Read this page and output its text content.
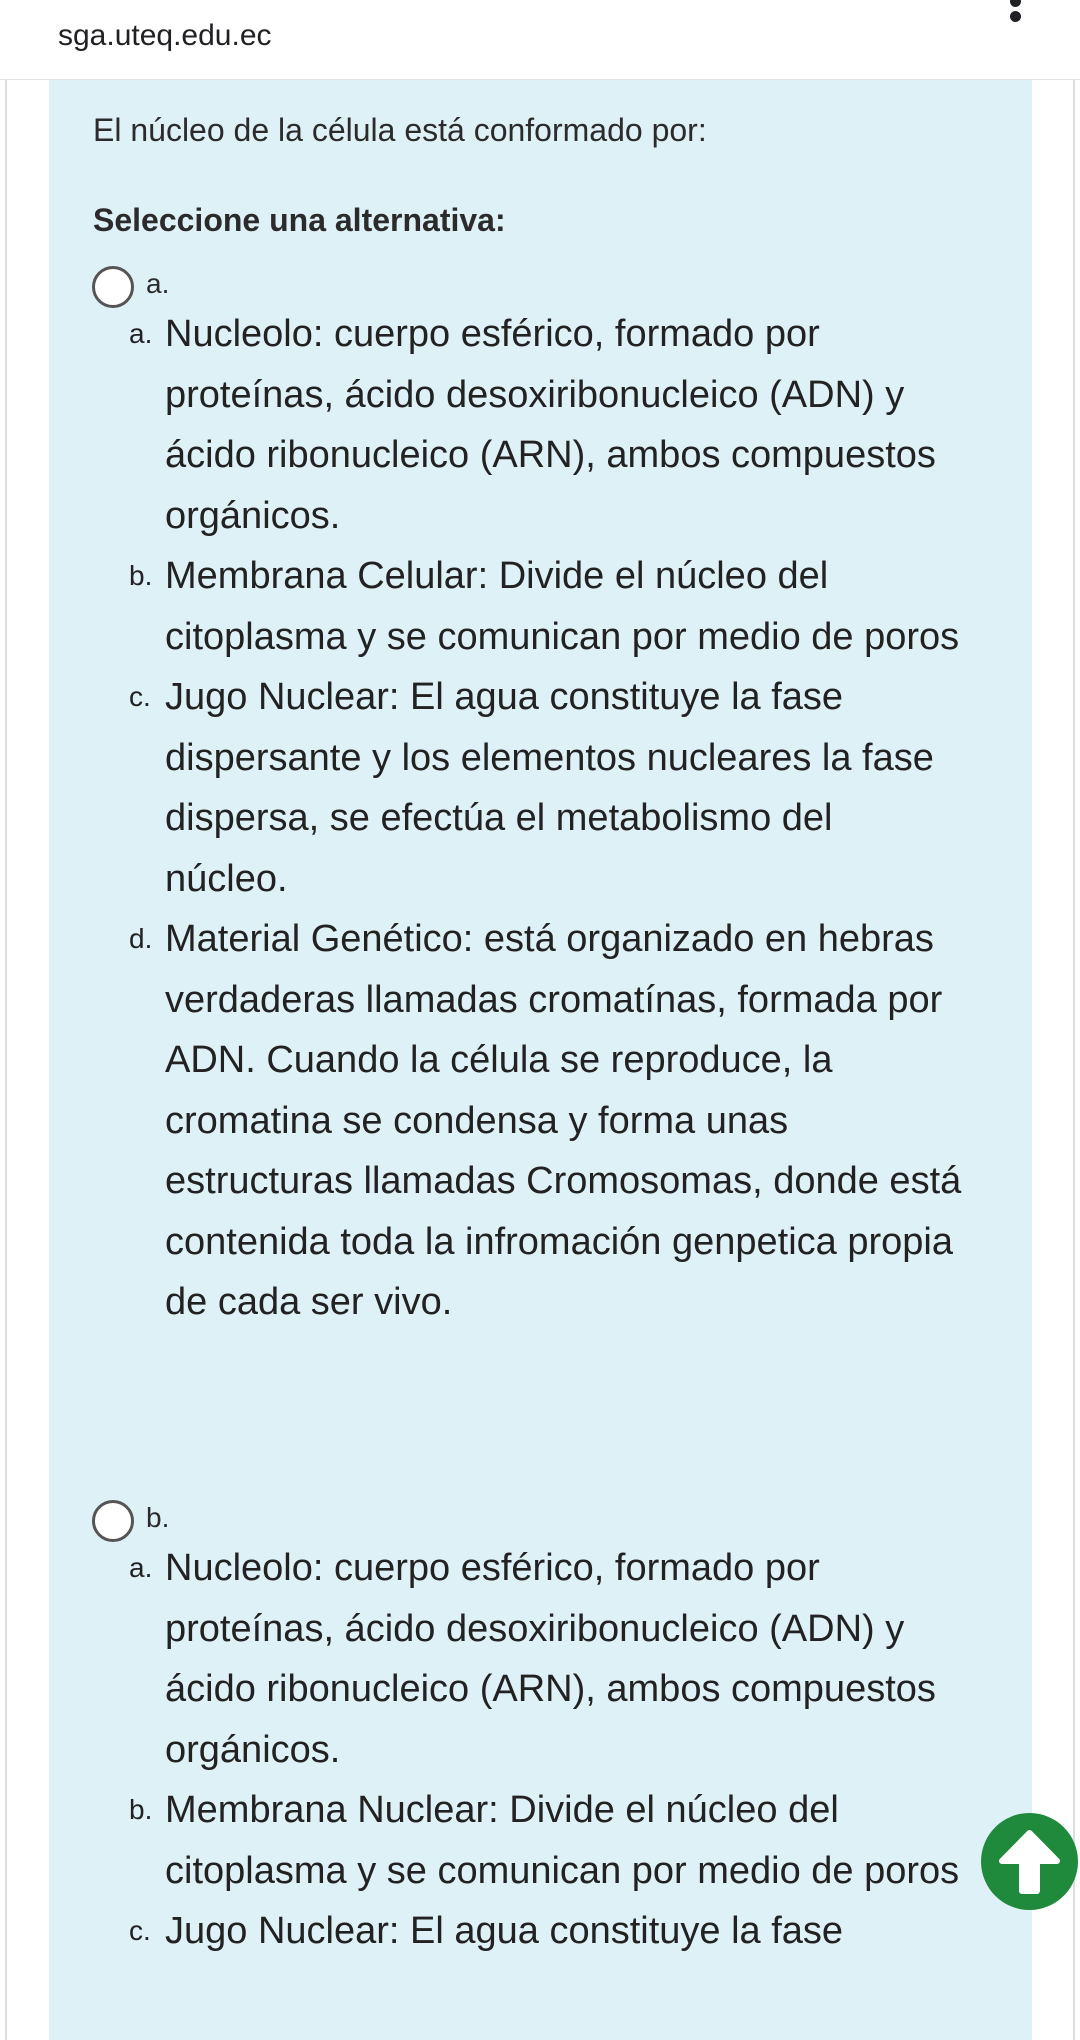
sga.uteq.edu.ec
El núcleo de la célula está conformado por:
Seleccione una alternativa:
a.
a. Nucleolo: cuerpo esférico, formado por proteínas, ácido desoxiribonucleico (ADN) y ácido ribonucleico (ARN), ambos compuestos orgánicos.
b. Membrana Celular: Divide el núcleo del citoplasma y se comunican por medio de poros
c. Jugo Nuclear: El agua constituye la fase dispersante y los elementos nucleares la fase dispersa, se efectúa el metabolismo del núcleo.
d. Material Genético: está organizado en hebras verdaderas llamadas cromatínas, formada por ADN. Cuando la célula se reproduce, la cromatina se condensa y forma unas estructuras llamadas Cromosomas, donde está contenida toda la infromación genpetica propia de cada ser vivo.
b.
a. Nucleolo: cuerpo esférico, formado por proteínas, ácido desoxiribonucleico (ADN) y ácido ribonucleico (ARN), ambos compuestos orgánicos.
b. Membrana Nuclear: Divide el núcleo del citoplasma y se comunican por medio de poros
c. Jugo Nuclear: El agua constituye la fase
